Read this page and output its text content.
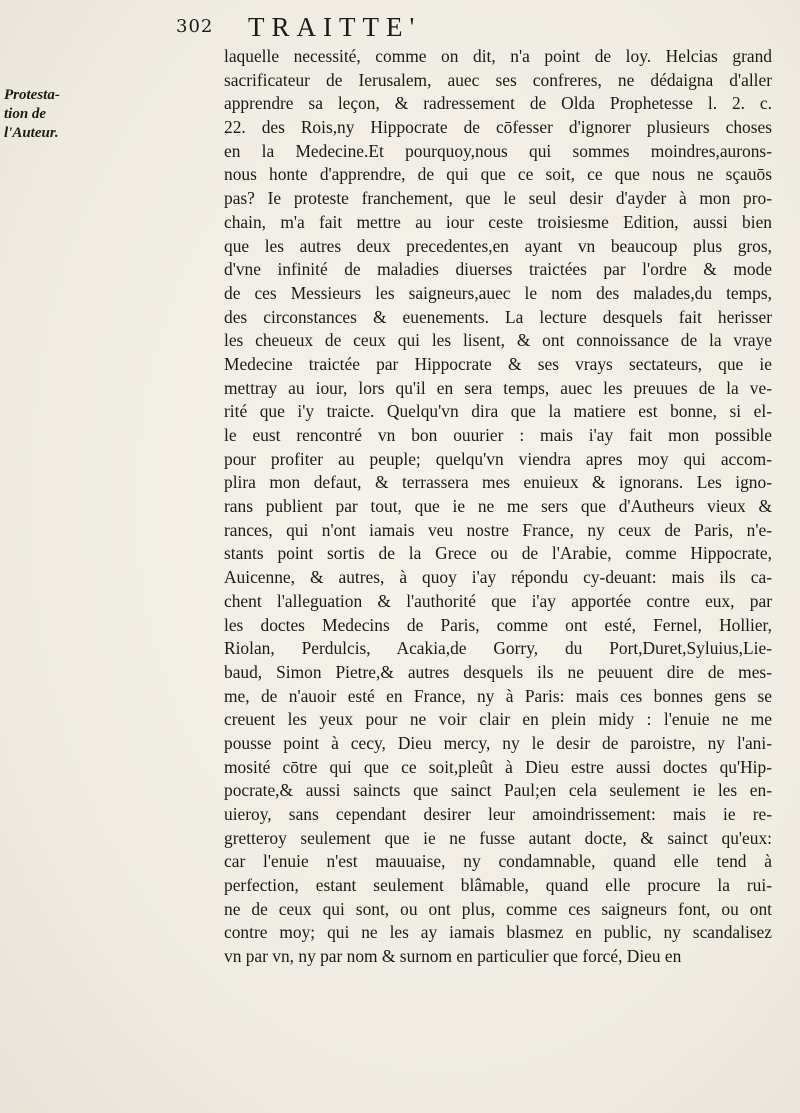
302 TRAITTE'
Protesta-
tion de
l'Auteur.
laquelle necessité, comme on dit, n'a point de loy. Helcias grand
sacrificateur de Ierusalem, auec ses confreres, ne dédaigna d'aller
apprendre sa leçon, & radressement de Olda Prophetesse l. 2. c.
22. des Rois,ny Hippocrate de cōfesser d'ignorer plusieurs choses
en la Medecine.Et pourquoy,nous qui sommes moindres,aurons-
nous honte d'apprendre, de qui que ce soit, ce que nous ne sçauōs
pas? Ie proteste franchement, que le seul desir d'ayder à mon pro-
chain, m'a fait mettre au iour ceste troisiesme Edition, aussi bien
que les autres deux precedentes,en ayant vn beaucoup plus gros,
d'vne infinité de maladies diuerses traictées par l'ordre & mode
de ces Messieurs les saigneurs,auec le nom des malades,du temps,
des circonstances & euenements. La lecture desquels fait herisser
les cheueux de ceux qui les lisent, & ont connoissance de la vraye
Medecine traictée par Hippocrate & ses vrays sectateurs, que ie
mettray au iour, lors qu'il en sera temps, auec les preuues de la ve-
rité que i'y traicte. Quelqu'vn dira que la matiere est bonne, si el-
le eust rencontré vn bon ouurier : mais i'ay fait mon possible
pour profiter au peuple; quelqu'vn viendra apres moy qui accom-
plira mon defaut, & terrassera mes enuieux & ignorans. Les igno-
rans publient par tout, que ie ne me sers que d'Autheurs vieux &
rances, qui n'ont iamais veu nostre France, ny ceux de Paris, n'e-
stants point sortis de la Grece ou de l'Arabie, comme Hippocrate,
Auicenne, & autres, à quoy i'ay répondu cy-deuant: mais ils ca-
chent l'alleguation & l'authorité que i'ay apportée contre eux, par
les doctes Medecins de Paris, comme ont esté, Fernel, Hollier,
Riolan, Perdulcis, Acakia,de Gorry, du Port,Duret,Syluius,Lie-
baud, Simon Pietre,& autres desquels ils ne peuuent dire de mes-
me, de n'auoir esté en France, ny à Paris: mais ces bonnes gens se
creuent les yeux pour ne voir clair en plein midy : l'enuie ne me
pousse point à cecy, Dieu mercy, ny le desir de paroistre, ny l'ani-
mosité cōtre qui que ce soit,pleût à Dieu estre aussi doctes qu'Hip-
pocrate,& aussi saincts que sainct Paul;en cela seulement ie les en-
uieroy, sans cependant desirer leur amoindrissement: mais ie re-
gretteroy seulement que ie ne fusse autant docte, & sainct qu'eux:
car l'enuie n'est mauuaise, ny condamnable, quand elle tend à
perfection, estant seulement blâmable, quand elle procure la rui-
ne de ceux qui sont, ou ont plus, comme ces saigneurs font, ou ont
contre moy; qui ne les ay iamais blasmez en public, ny scandalisez
vn par vn, ny par nom & surnom en particulier que forcé, Dieu en
